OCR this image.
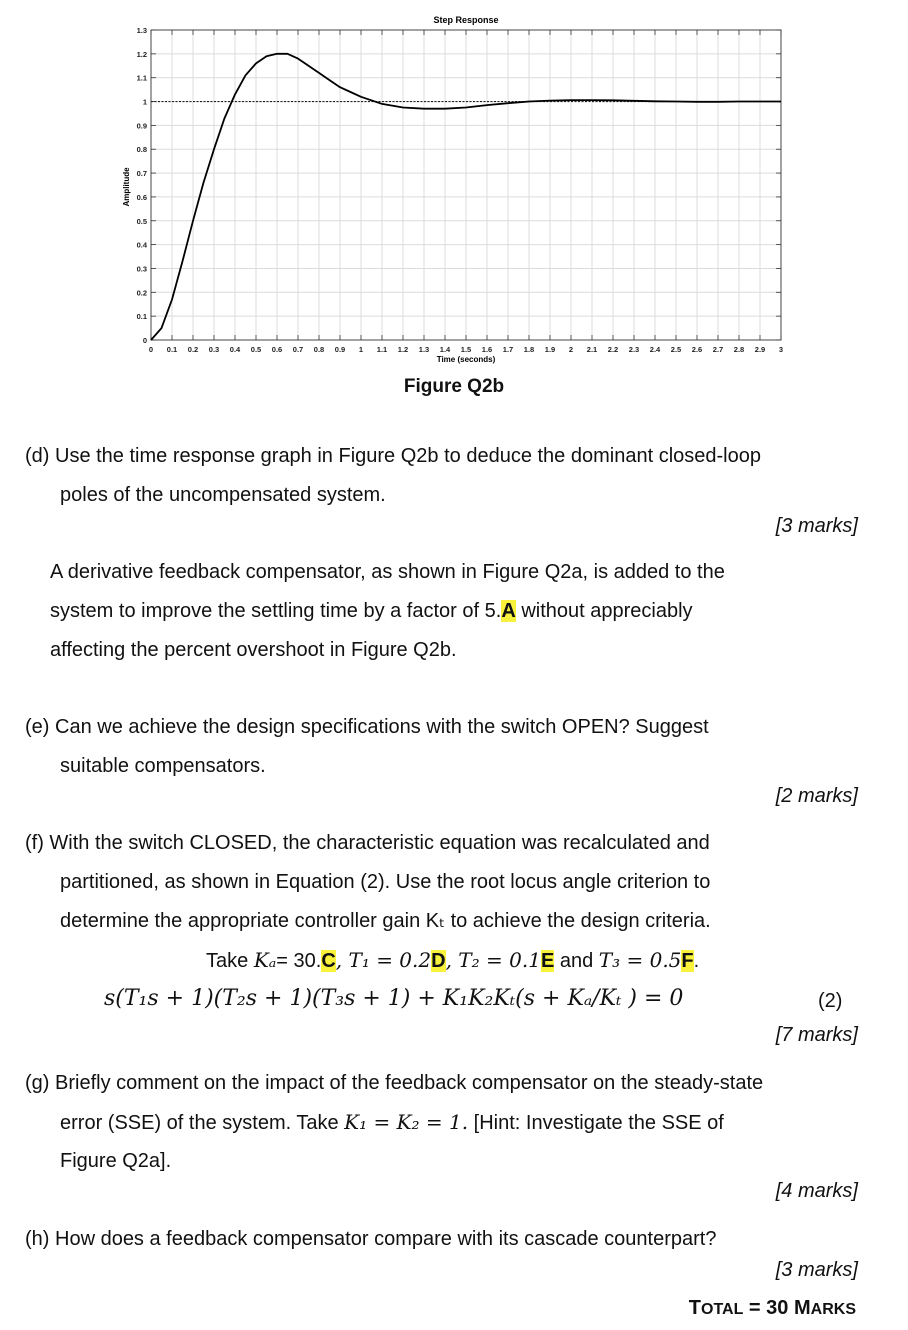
0 0.1 0.2 0.3 0.4 0.5 0.6 0.7 0.8 0.9 1 1.1 1.2 1.3 1.4 1.5 1.6 1.7 1.8 1.9 2 2.1 2.2 2.3 2.4 2.5 2.6 2.7 2.8 2.9 3
0
0.1
0.2
0.3
0.4
0.5
0.6
0.7
0.8
0.9
1
1.1
1.2
1.3
Step Response
Time (seconds)
Amplitude
Figure Q2b
(d) Use the time response graph in Figure Q2b to deduce the dominant closed-loop
poles of the uncompensated system.
[3 marks]
A derivative feedback compensator, as shown in Figure Q2a, is added to the
system to improve the settling time by a factor of 5.A without appreciably
affecting the percent overshoot in Figure Q2b.
(e) Can we achieve the design specifications with the switch OPEN? Suggest
suitable compensators.
[2 marks]
(f) With the switch CLOSED, the characteristic equation was recalculated and
partitioned, as shown in Equation (2). Use the root locus angle criterion to
determine the appropriate controller gain Kₜ to achieve the design criteria.
Take Kₐ= 30.C, T₁ = 0.2D, T₂ = 0.1E and T₃ = 0.5F.
s(T₁s + 1)(T₂s + 1)(T₃s + 1) + K₁K₂Kₜ(s + Kₐ/Kₜ ) = 0	(2)
[7 marks]
(g) Briefly comment on the impact of the feedback compensator on the steady-state
error (SSE) of the system. Take K₁ = K₂ = 1. [Hint: Investigate the SSE of
Figure Q2a].
[4 marks]
(h) How does a feedback compensator compare with its cascade counterpart?
[3 marks]
TOTAL = 30 MARKS
